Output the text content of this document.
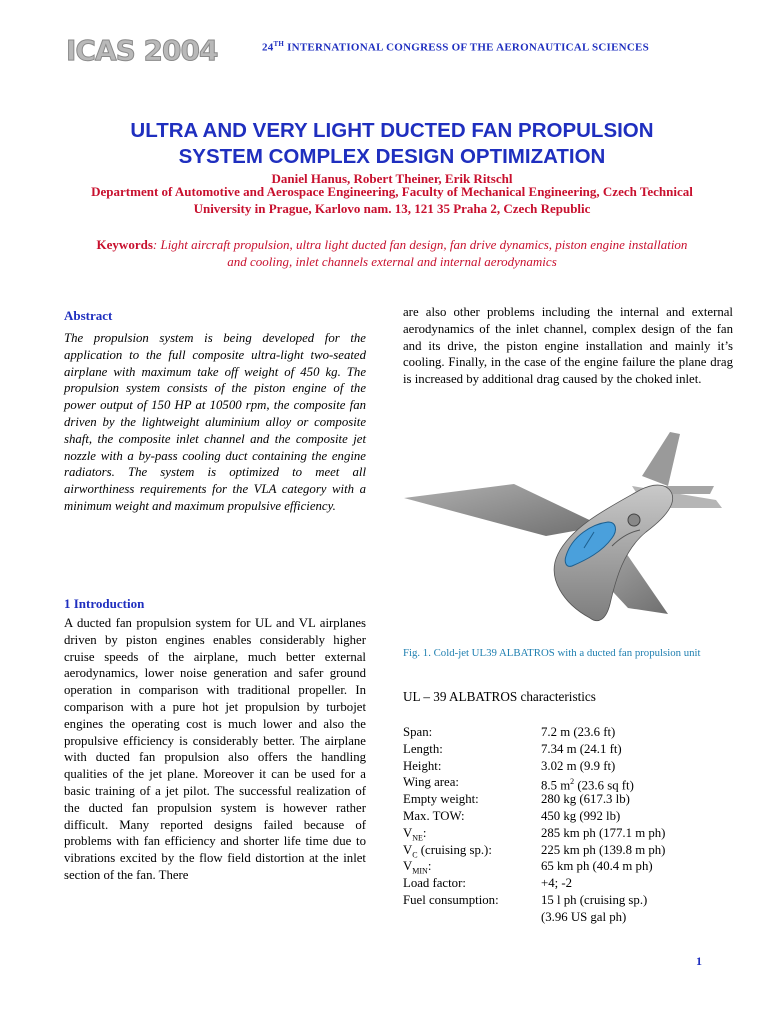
ICAS 2004	24TH INTERNATIONAL CONGRESS OF THE AERONAUTICAL SCIENCES
ULTRA AND VERY LIGHT DUCTED FAN PROPULSION
SYSTEM COMPLEX DESIGN OPTIMIZATION
Daniel Hanus, Robert Theiner, Erik Ritschl
Department of Automotive and Aerospace Engineering, Faculty of Mechanical Engineering, Czech Technical University in Prague, Karlovo nam. 13, 121 35 Praha 2, Czech Republic
Keywords: Light aircraft propulsion, ultra light ducted fan design, fan drive dynamics, piston engine installation and cooling, inlet channels external and internal aerodynamics
Abstract
The propulsion system is being developed for the application to the full composite ultra-light two-seated airplane with maximum take off weight of 450 kg. The propulsion system consists of the piston engine of the power output of 150 HP at 10500 rpm, the composite fan driven by the lightweight aluminium alloy or composite shaft, the composite inlet channel and the composite jet nozzle with a by-pass cooling duct containing the engine radiators. The system is optimized to meet all airworthiness requirements for the VLA category with a minimum weight and maximum propulsive efficiency.
1 Introduction
A ducted fan propulsion system for UL and VL airplanes driven by piston engines enables considerably higher cruise speeds of the airplane, much better external aerodynamics, lower noise generation and safer ground operation in comparison with traditional propeller. In comparison with a pure hot jet propulsion by turbojet engines the operating cost is much lower and also the propulsive efficiency is considerably better. The airplane with ducted fan propulsion also offers the handling qualities of the jet plane. Moreover it can be used for a basic training of a jet pilot. The successful realization of the ducted fan propulsion system is however rather difficult. Many reported designs failed because of problems with fan efficiency and shorter life time due to vibrations excited by the flow field distortion at the inlet section of the fan. There
are also other problems including the internal and external aerodynamics of the inlet channel, complex design of the fan and its drive, the piston engine installation and mainly it’s cooling. Finally, in the case of the engine failure the plane drag is increased by additional drag caused by the choked inlet.
Fig. 1. Cold-jet UL39 ALBATROS with a ducted fan propulsion unit
UL – 39 ALBATROS characteristics
Span:	7.2 m (23.6 ft)
Length:	7.34 m (24.1 ft)
Height:	3.02 m (9.9 ft)
Wing area:	8.5 $m^2$ (23.6 sq ft)
Empty weight:	280 kg (617.3 lb)
Max. TOW:	450 kg (992 lb)
$V_{NE}$:	285 km ph (177.1 m ph)
$V_C$ (cruising sp.):	225 km ph (139.8 m ph)
$V_{MIN}$:	65 km ph (40.4 m ph)
Load factor:	+4; -2
Fuel consumption:	15 l ph (cruising sp.)
(3.96 US gal ph)
1
